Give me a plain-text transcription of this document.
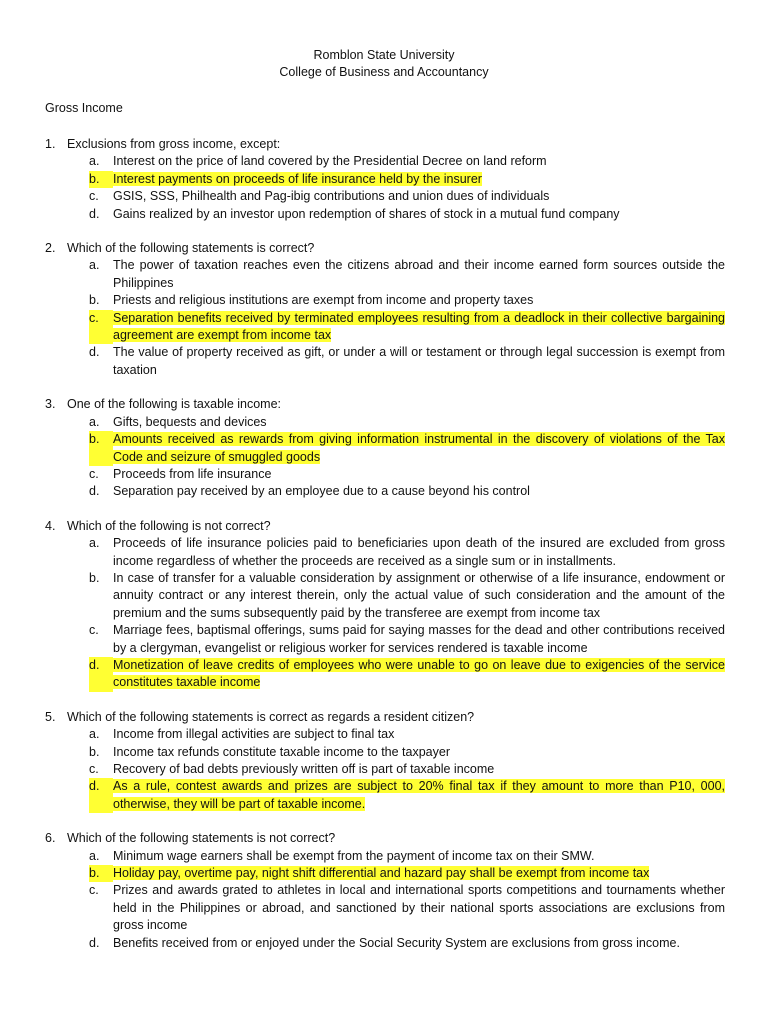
Romblon State University
College of Business and Accountancy
Gross Income
1. Exclusions from gross income, except:
a.	Interest on the price of land covered by the Presidential Decree on land reform
b.	Interest payments on proceeds of life insurance held by the insurer
c.	GSIS, SSS, Philhealth and Pag-ibig contributions and union dues of individuals
d.	Gains realized by an investor upon redemption of shares of stock in a mutual fund company
2. Which of the following statements is correct?
a.	The power of taxation reaches even the citizens abroad and their income earned form sources outside the Philippines
b.	Priests and religious institutions are exempt from income and property taxes
c.	Separation benefits received by terminated employees resulting from a deadlock in their collective bargaining agreement are exempt from income tax
d.	The value of property received as gift, or under a will or testament or through legal succession is exempt from taxation
3. One of the following is taxable income:
a.	Gifts, bequests and devices
b.	Amounts received as rewards from giving information instrumental in the discovery of violations of the Tax Code and seizure of smuggled goods
c.	Proceeds from life insurance
d.	Separation pay received by an employee due to a cause beyond his control
4. Which of the following is not correct?
a.	Proceeds of life insurance policies paid to beneficiaries upon death of the insured are excluded from gross income regardless of whether the proceeds are received as a single sum or in installments.
b.	In case of transfer for a valuable consideration by assignment or otherwise of a life insurance, endowment or annuity contract or any interest therein, only the actual value of such consideration and the amount of the premium and the sums subsequently paid by the transferee are exempt from income tax
c.	Marriage fees, baptismal offerings, sums paid for saying masses for the dead and other contributions received by a clergyman, evangelist or religious worker for services rendered is taxable income
d.	Monetization of leave credits of employees who were unable to go on leave due to exigencies of the service constitutes taxable income
5. Which of the following statements is correct as regards a resident citizen?
a.	Income from illegal activities are subject to final tax
b.	Income tax refunds constitute taxable income to the taxpayer
c.	Recovery of bad debts previously written off is part of taxable income
d.	As a rule, contest awards and prizes are subject to 20% final tax if they amount to more than P10, 000, otherwise, they will be part of taxable income.
6. Which of the following statements is not correct?
a.	Minimum wage earners shall be exempt from the payment of income tax on their SMW.
b.	Holiday pay, overtime pay, night shift differential and hazard pay shall be exempt from income tax
c.	Prizes and awards grated to athletes in local and international sports competitions and tournaments whether held in the Philippines or abroad, and sanctioned by their national sports associations are exclusions from gross income
d.	Benefits received from or enjoyed under the Social Security System are exclusions from gross income.
